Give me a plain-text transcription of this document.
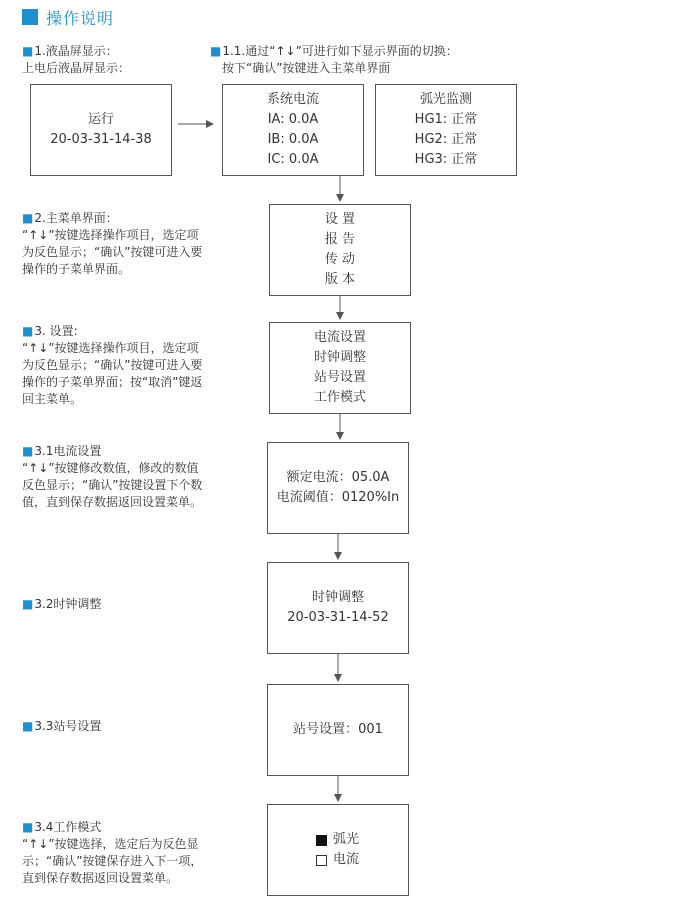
操作说明
■1.液晶屏显示：
上电后液晶屏显示：
■1.1.通过“↑↓”可进行如下显示界面的切换：
按下“确认”按键进入主菜单界面
■2.主菜单界面：
“↑↓”按键选择操作项目，选定项
为反色显示；“确认”按键可进入要
操作的子菜单界面。
■3. 设置:
“↑↓”按键选择操作项目，选定项
为反色显示；“确认”按键可进入要
操作的子菜单界面；按“取消”键返
回主菜单。
■3.1电流设置
“↑↓”按键修改数值，修改的数值
反色显示；“确认”按键设置下个数
值，直到保存数据返回设置菜单。
■3.2时钟调整
■3.3站号设置
■3.4工作模式
“↑↓”按键选择，选定后为反色显
示；“确认”按键保存进入下一项，
直到保存数据返回设置菜单。
运行
20-03-31-14-38
系统电流
IA: 0.0A
IB: 0.0A
IC: 0.0A
弧光监测
HG1: 正常
HG2: 正常
HG3: 正常
设 置
报 告
传 动
版 本
电流设置
时钟调整
站号设置
工作模式
额定电流：05.0A
电流阈值：0120%In
时钟调整
20-03-31-14-52
站号设置：001
弧光
电流
